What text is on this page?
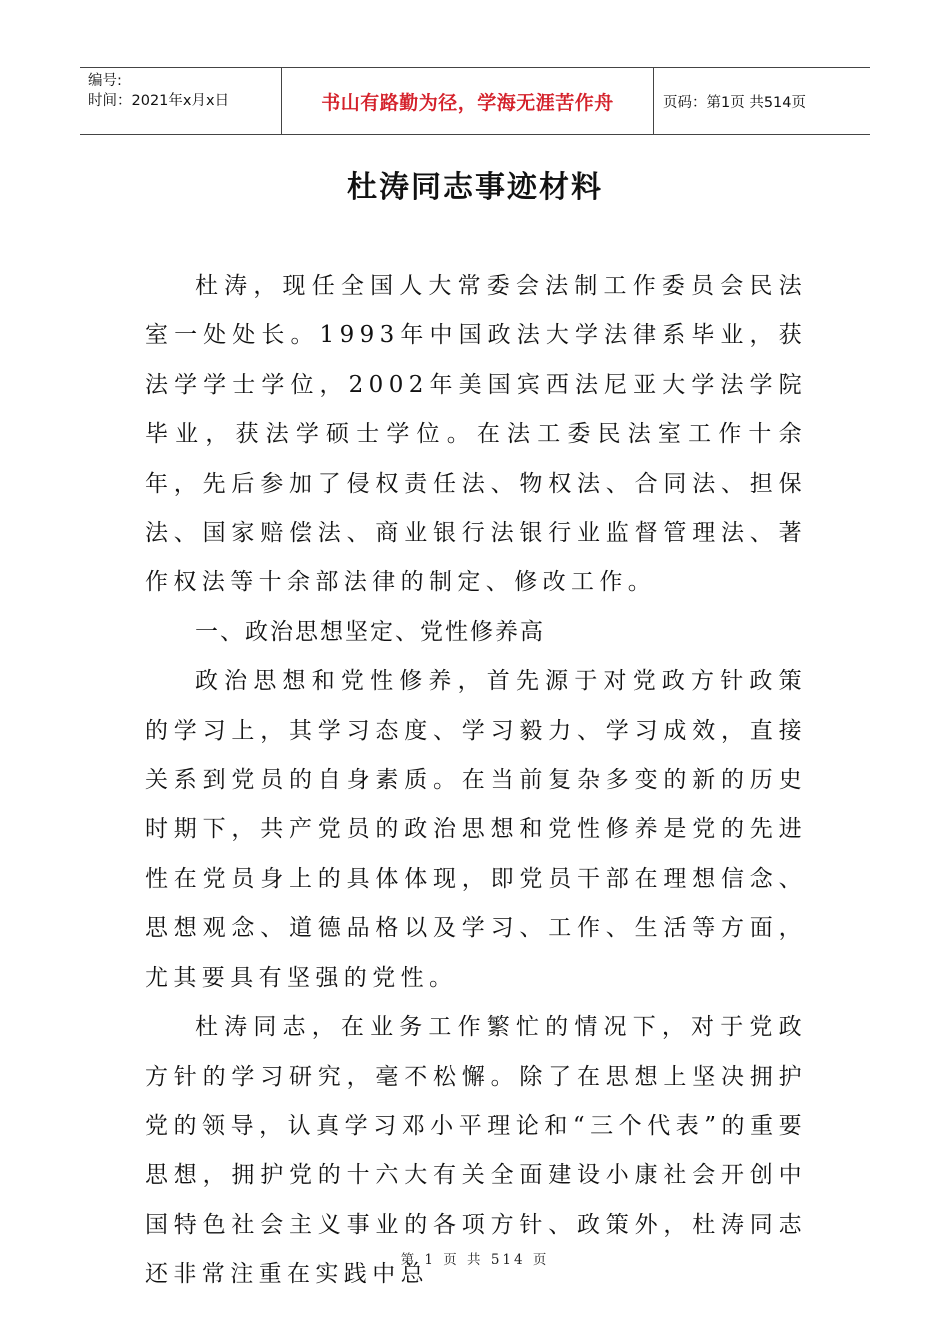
编号:
时间：2021年x月x日	书山有路勤为径，学海无涯苦作舟	页码：第1页 共514页
杜涛同志事迹材料

杜涛，现任全国人大常委会法制工作委员会民法室一处处长。1993年中国政法大学法律系毕业，获法学学士学位，2002年美国宾西法尼亚大学法学院毕业，获法学硕士学位。在法工委民法室工作十余年，先后参加了侵权责任法、物权法、合同法、担保法、国家赔偿法、商业银行法银行业监督管理法、著作权法等十余部法律的制定、修改工作。

一、政治思想坚定、党性修养高

政治思想和党性修养，首先源于对党政方针政策的学习上，其学习态度、学习毅力、学习成效，直接关系到党员的自身素质。在当前复杂多变的新的历史时期下，共产党员的政治思想和党性修养是党的先进性在党员身上的具体体现，即党员干部在理想信念、思想观念、道德品格以及学习、工作、生活等方面，尤其要具有坚强的党性。

杜涛同志，在业务工作繁忙的情况下，对于党政方针的学习研究，毫不松懈。除了在思想上坚决拥护党的领导，认真学习邓小平理论和“三个代表”的重要思想，拥护党的十六大有关全面建设小康社会开创中国特色社会主义事业的各项方针、政策外，杜涛同志还非常注重在实践中总

第 1 页 共 514 页
